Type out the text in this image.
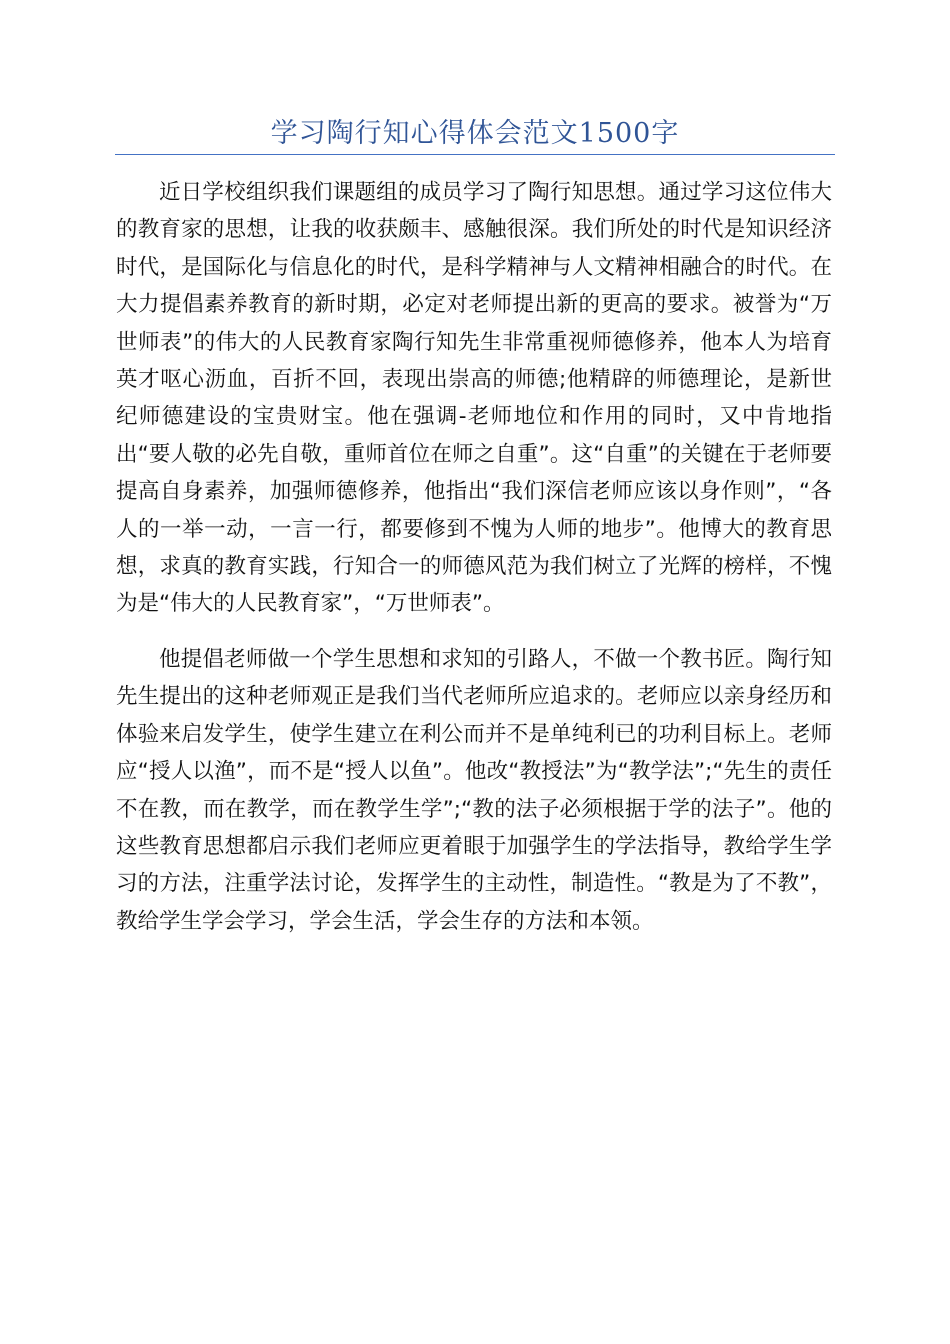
学习陶行知心得体会范文1500字

近日学校组织我们课题组的成员学习了陶行知思想。通过学习这位伟大的教育家的思想，让我的收获颇丰、感触很深。我们所处的时代是知识经济时代，是国际化与信息化的时代，是科学精神与人文精神相融合的时代。在大力提倡素养教育的新时期，必定对老师提出新的更高的要求。被誉为“万世师表”的伟大的人民教育家陶行知先生非常重视师德修养，他本人为培育英才呕心沥血，百折不回，表现出崇高的师德;他精辟的师德理论，是新世纪师德建设的宝贵财宝。他在强调-老师地位和作用的同时，又中肯地指出“要人敬的必先自敬，重师首位在师之自重”。这“自重”的关键在于老师要提高自身素养，加强师德修养，他指出“我们深信老师应该以身作则”，“各人的一举一动，一言一行，都要修到不愧为人师的地步”。他博大的教育思想，求真的教育实践，行知合一的师德风范为我们树立了光辉的榜样，不愧为是“伟大的人民教育家”，“万世师表”。

他提倡老师做一个学生思想和求知的引路人，不做一个教书匠。陶行知先生提出的这种老师观正是我们当代老师所应追求的。老师应以亲身经历和体验来启发学生，使学生建立在利公而并不是单纯利已的功利目标上。老师应“授人以渔”，而不是“授人以鱼”。他改“教授法”为“教学法”;“先生的责任不在教，而在教学，而在教学生学”;“教的法子必须根据于学的法子”。他的这些教育思想都启示我们老师应更着眼于加强学生的学法指导，教给学生学习的方法，注重学法讨论，发挥学生的主动性，制造性。“教是为了不教”，教给学生学会学习，学会生活，学会生存的方法和本领。
